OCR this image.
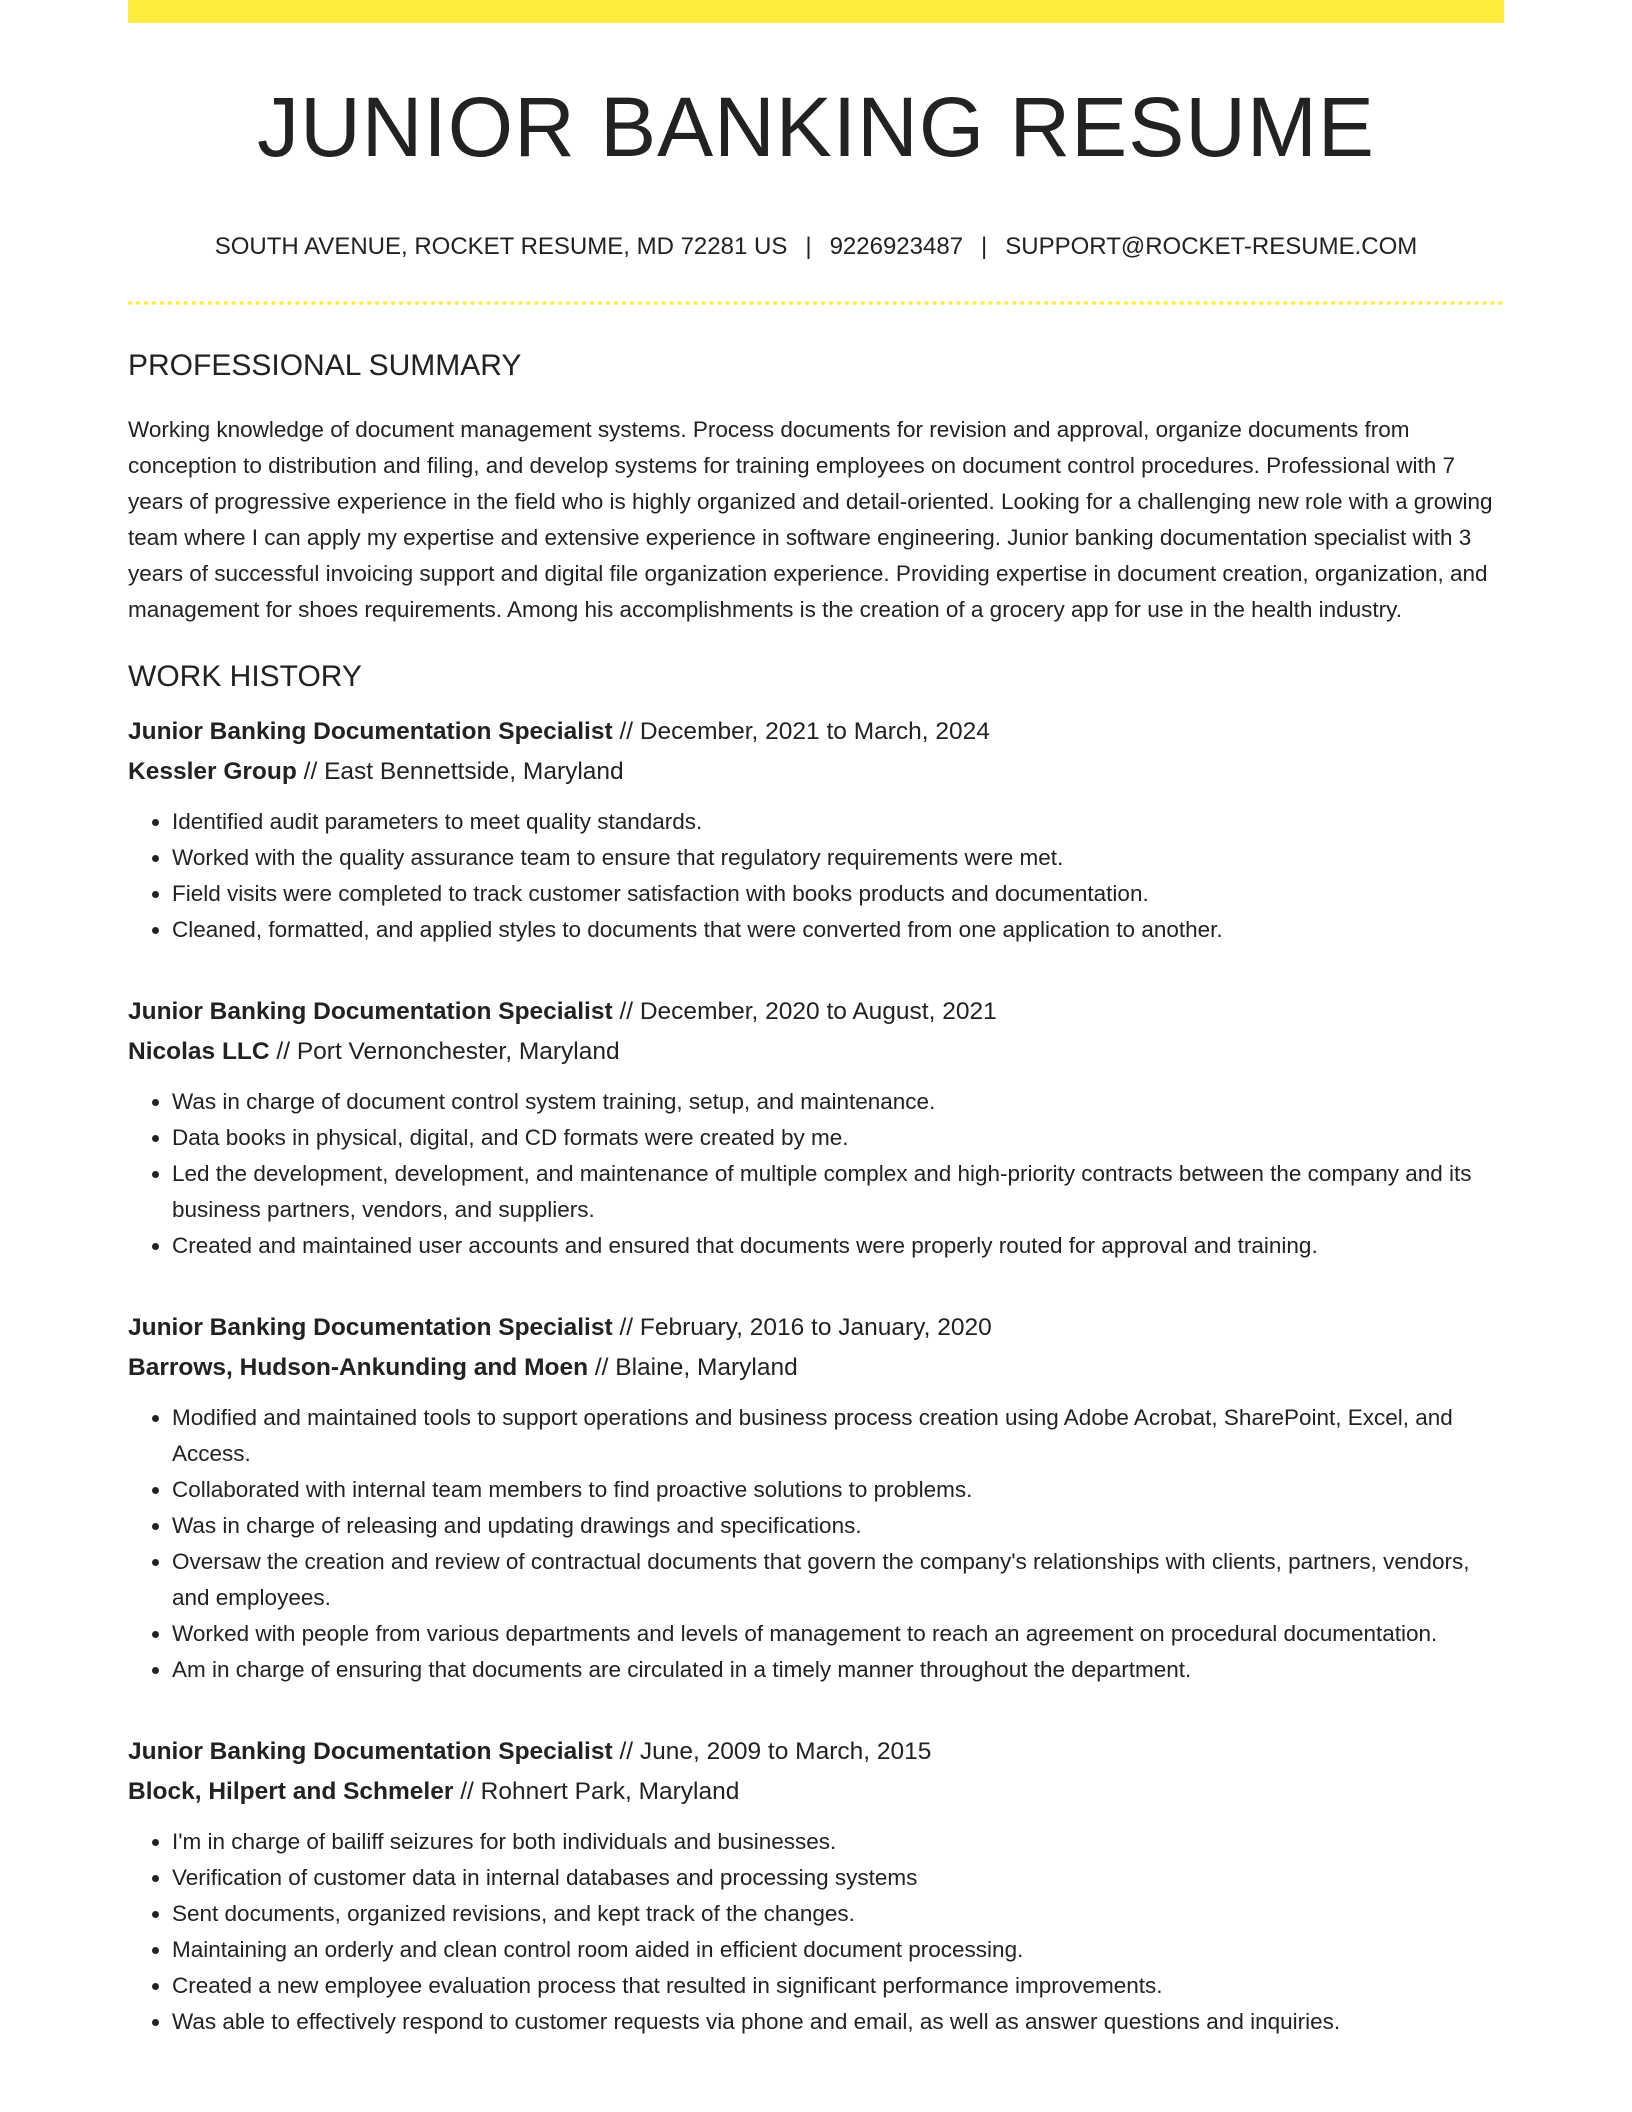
JUNIOR BANKING RESUME
SOUTH AVENUE, ROCKET RESUME, MD 72281 US | 9226923487 | SUPPORT@ROCKET-RESUME.COM
PROFESSIONAL SUMMARY

Working knowledge of document management systems. Process documents for revision and approval, organize documents from conception to distribution and filing, and develop systems for training employees on document control procedures. Professional with 7 years of progressive experience in the field who is highly organized and detail-oriented. Looking for a challenging new role with a growing team where I can apply my expertise and extensive experience in software engineering. Junior banking documentation specialist with 3 years of successful invoicing support and digital file organization experience. Providing expertise in document creation, organization, and management for shoes requirements. Among his accomplishments is the creation of a grocery app for use in the health industry.

WORK HISTORY
Junior Banking Documentation Specialist // December, 2021 to March, 2024
Kessler Group // East Bennettside, Maryland
• Identified audit parameters to meet quality standards.
• Worked with the quality assurance team to ensure that regulatory requirements were met.
• Field visits were completed to track customer satisfaction with books products and documentation.
• Cleaned, formatted, and applied styles to documents that were converted from one application to another.
Junior Banking Documentation Specialist // December, 2020 to August, 2021
Nicolas LLC // Port Vernonchester, Maryland
• Was in charge of document control system training, setup, and maintenance.
• Data books in physical, digital, and CD formats were created by me.
• Led the development, development, and maintenance of multiple complex and high-priority contracts between the company and its business partners, vendors, and suppliers.
• Created and maintained user accounts and ensured that documents were properly routed for approval and training.
Junior Banking Documentation Specialist // February, 2016 to January, 2020
Barrows, Hudson-Ankunding and Moen // Blaine, Maryland
• Modified and maintained tools to support operations and business process creation using Adobe Acrobat, SharePoint, Excel, and Access.
• Collaborated with internal team members to find proactive solutions to problems.
• Was in charge of releasing and updating drawings and specifications.
• Oversaw the creation and review of contractual documents that govern the company's relationships with clients, partners, vendors, and employees.
• Worked with people from various departments and levels of management to reach an agreement on procedural documentation.
• Am in charge of ensuring that documents are circulated in a timely manner throughout the department.
Junior Banking Documentation Specialist // June, 2009 to March, 2015
Block, Hilpert and Schmeler // Rohnert Park, Maryland
• I'm in charge of bailiff seizures for both individuals and businesses.
• Verification of customer data in internal databases and processing systems
• Sent documents, organized revisions, and kept track of the changes.
• Maintaining an orderly and clean control room aided in efficient document processing.
• Created a new employee evaluation process that resulted in significant performance improvements.
• Was able to effectively respond to customer requests via phone and email, as well as answer questions and inquiries.
